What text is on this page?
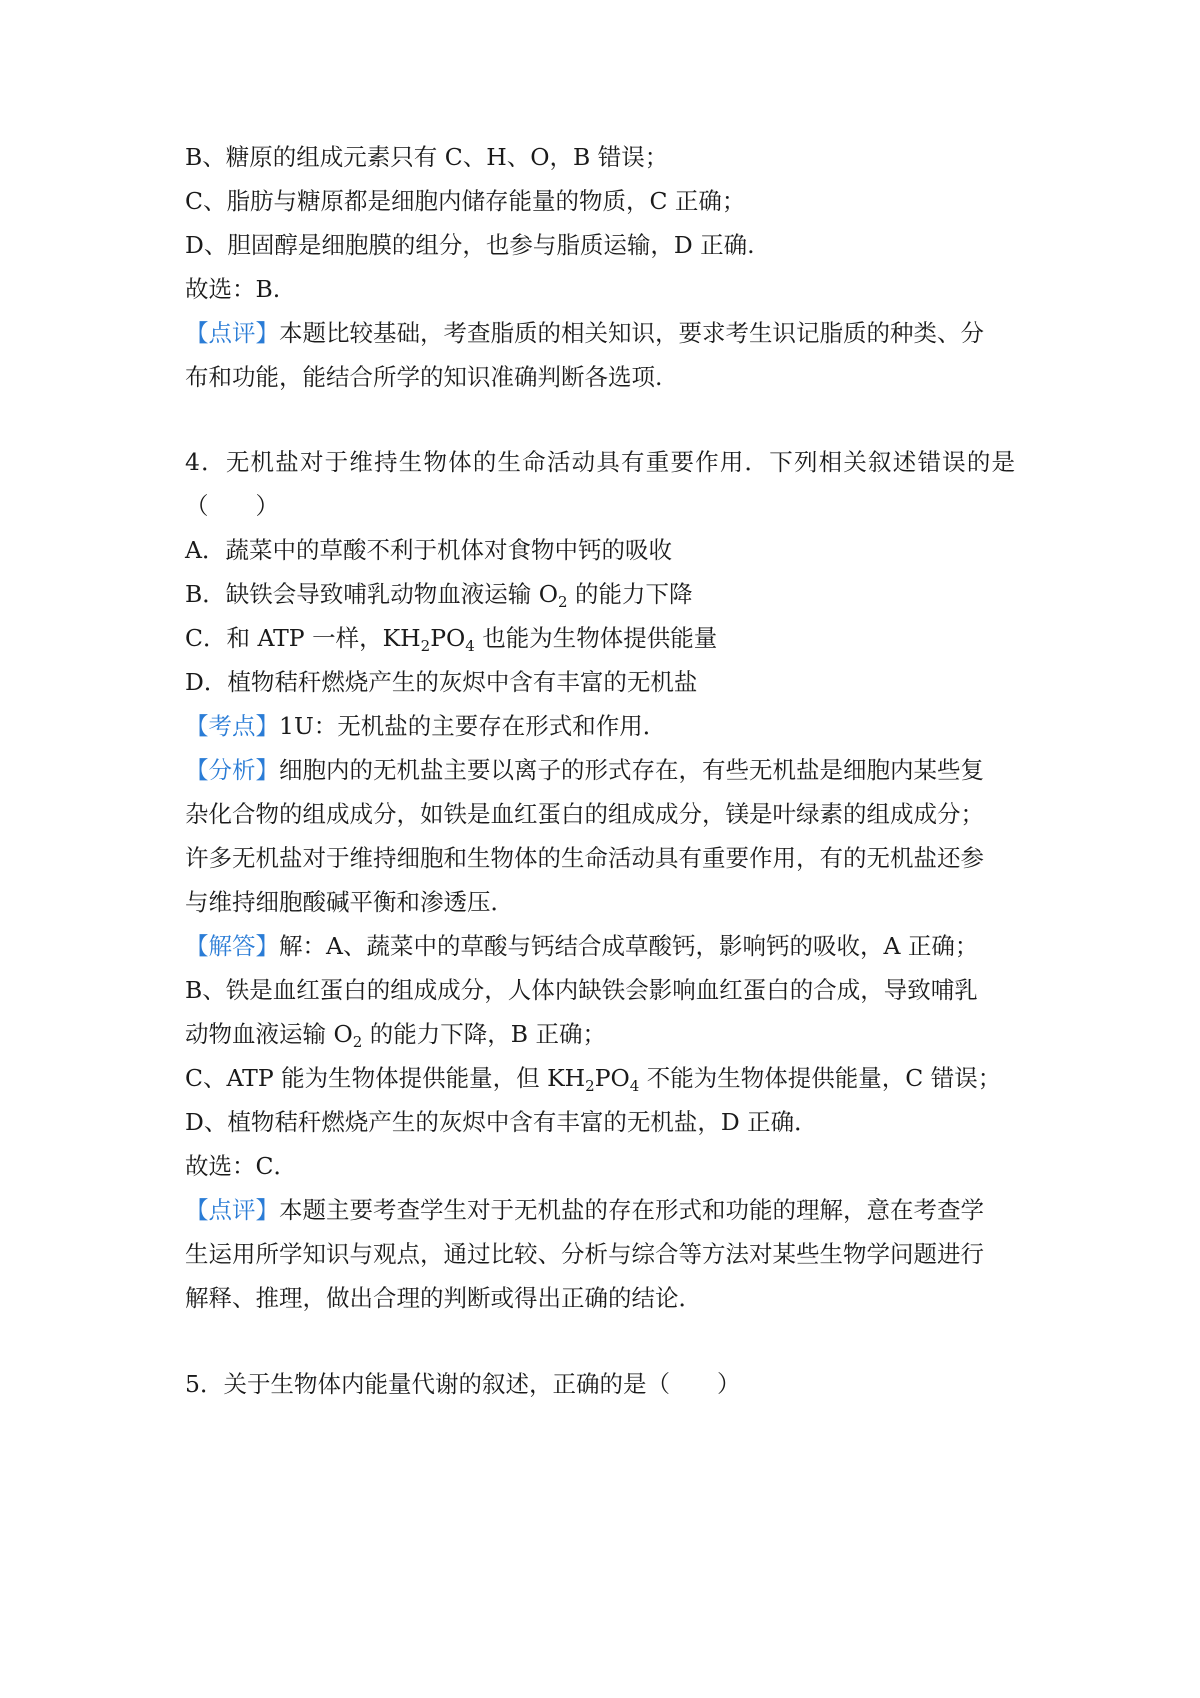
B、糖原的组成元素只有 C、H、O，B 错误；
C、脂肪与糖原都是细胞内储存能量的物质，C 正确；
D、胆固醇是细胞膜的组分，也参与脂质运输，D 正确.
故选：B.
【点评】本题比较基础，考查脂质的相关知识，要求考生识记脂质的种类、分
布和功能，能结合所学的知识准确判断各选项.
4．无机盐对于维持生物体的生命活动具有重要作用．下列相关叙述错误的是
（　　）
A．蔬菜中的草酸不利于机体对食物中钙的吸收
B．缺铁会导致哺乳动物血液运输 $O_2$ 的能力下降
C．和 ATP 一样，$KH_2PO_4$ 也能为生物体提供能量
D．植物秸秆燃烧产生的灰烬中含有丰富的无机盐
【考点】1U：无机盐的主要存在形式和作用．
【分析】细胞内的无机盐主要以离子的形式存在，有些无机盐是细胞内某些复
杂化合物的组成成分，如铁是血红蛋白的组成成分，镁是叶绿素的组成成分；
许多无机盐对于维持细胞和生物体的生命活动具有重要作用，有的无机盐还参
与维持细胞酸碱平衡和渗透压．
【解答】解：A、蔬菜中的草酸与钙结合成草酸钙，影响钙的吸收，A 正确；
B、铁是血红蛋白的组成成分，人体内缺铁会影响血红蛋白的合成，导致哺乳
动物血液运输 $O_2$ 的能力下降，B 正确；
C、ATP 能为生物体提供能量，但 $KH_2PO_4$ 不能为生物体提供能量，C 错误；
D、植物秸秆燃烧产生的灰烬中含有丰富的无机盐，D 正确．
故选：C．
【点评】本题主要考查学生对于无机盐的存在形式和功能的理解，意在考查学
生运用所学知识与观点，通过比较、分析与综合等方法对某些生物学问题进行
解释、推理，做出合理的判断或得出正确的结论．
5．关于生物体内能量代谢的叙述，正确的是（　　）
